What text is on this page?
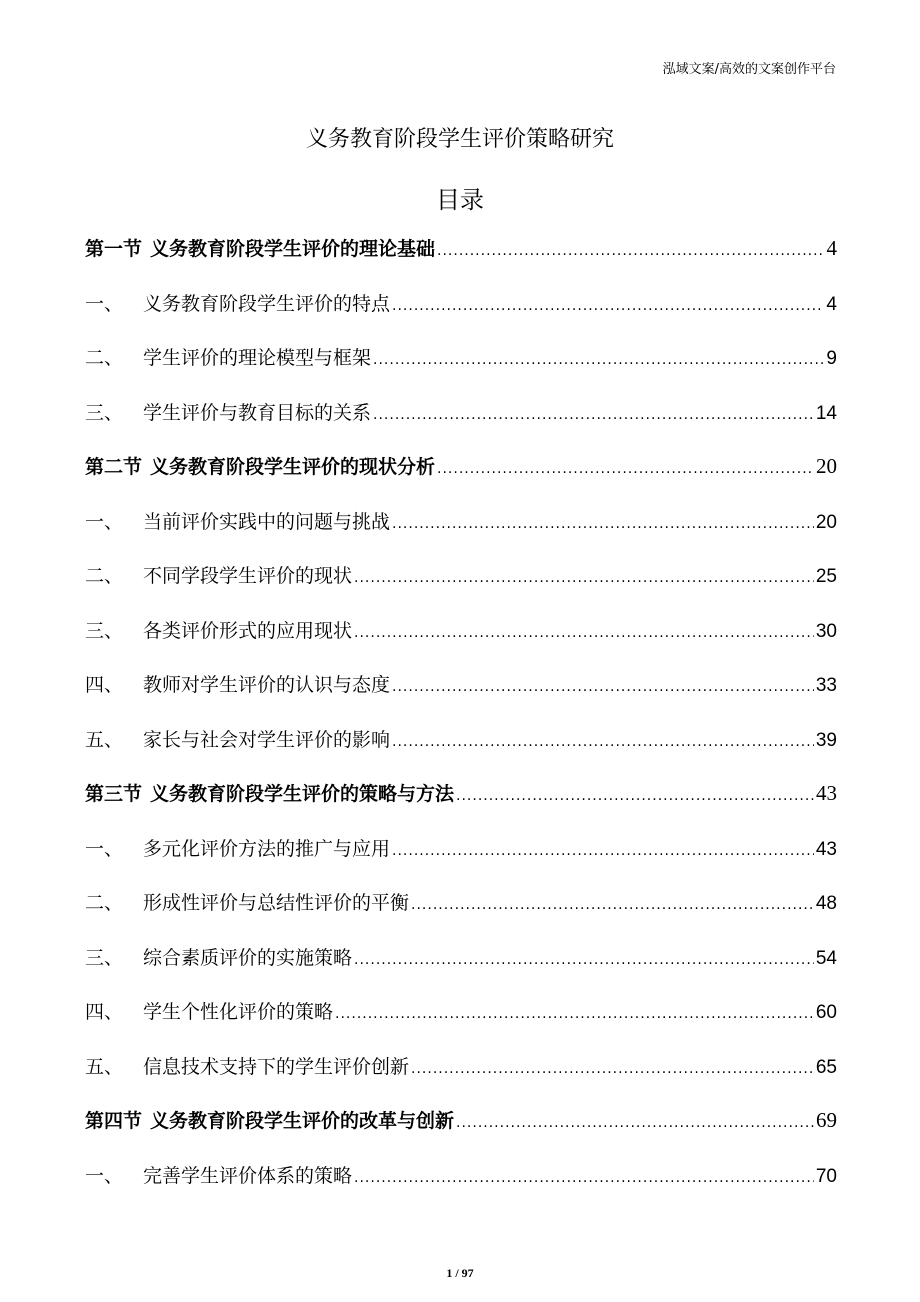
泓域文案/高效的文案创作平台
义务教育阶段学生评价策略研究
目录
第一节 义务教育阶段学生评价的理论基础 .....	4
一、	义务教育阶段学生评价的特点 .....	4
二、	学生评价的理论模型与框架 .....	9
三、	学生评价与教育目标的关系 .....	14
第二节 义务教育阶段学生评价的现状分析 .....	20
一、	当前评价实践中的问题与挑战 .....	20
二、	不同学段学生评价的现状 .....	25
三、	各类评价形式的应用现状 .....	30
四、	教师对学生评价的认识与态度 .....	33
五、	家长与社会对学生评价的影响 .....	39
第三节 义务教育阶段学生评价的策略与方法 .....	43
一、	多元化评价方法的推广与应用 .....	43
二、	形成性评价与总结性评价的平衡 .....	48
三、	综合素质评价的实施策略 .....	54
四、	学生个性化评价的策略 .....	60
五、	信息技术支持下的学生评价创新 .....	65
第四节 义务教育阶段学生评价的改革与创新 .....	69
一、	完善学生评价体系的策略 .....	70
1 / 97
